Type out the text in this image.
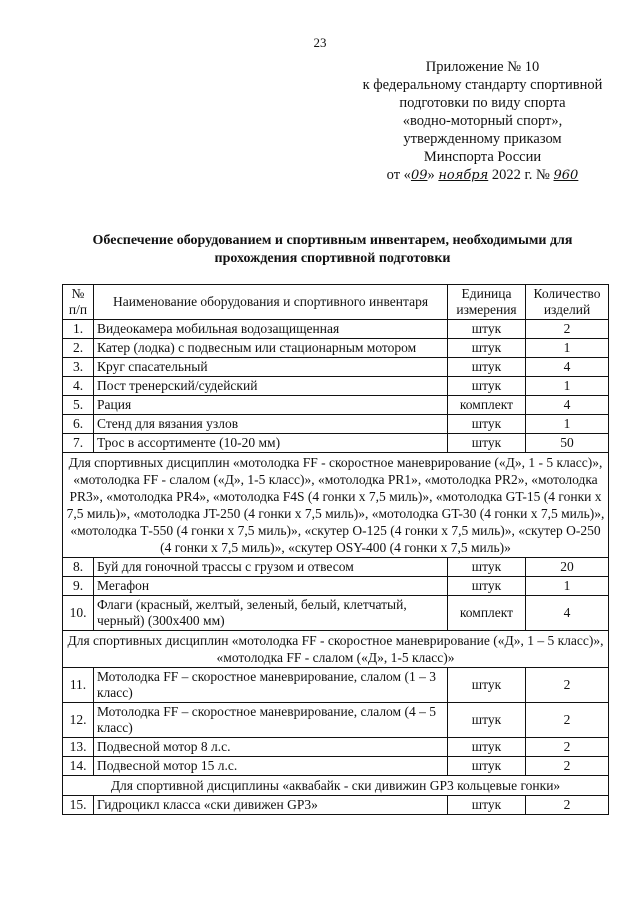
23
Приложение № 10
к федеральному стандарту спортивной
подготовки по виду спорта
«водно-моторный спорт»,
утвержденному приказом
Минспорта России
от «09» ноября 2022 г. № 960
Обеспечение оборудованием и спортивным инвентарем, необходимыми для прохождения спортивной подготовки
№ п/п	Наименование оборудования и спортивного инвентаря	Единица измерения	Количество изделий
1.	Видеокамера мобильная водозащищенная	штук	2
2.	Катер (лодка) с подвесным или стационарным мотором	штук	1
3.	Круг спасательный	штук	4
4.	Пост тренерский/судейский	штук	1
5.	Рация	комплект	4
6.	Стенд для вязания узлов	штук	1
7.	Трос в ассортименте (10-20 мм)	штук	50
Для спортивных дисциплин «мотолодка FF - скоростное маневрирование («Д», 1 - 5 класс)», «мотолодка FF - слалом («Д», 1-5 класс)», «мотолодка PR1», «мотолодка PR2», «мотолодка PR3», «мотолодка PR4», «мотолодка F4S (4 гонки х 7,5 миль)», «мотолодка GT-15 (4 гонки х 7,5 миль)», «мотолодка JT-250 (4 гонки х 7,5 миль)», «мотолодка GT-30 (4 гонки х 7,5 миль)», «мотолодка Т-550 (4 гонки х 7,5 миль)», «скутер О-125 (4 гонки х 7,5 миль)», «скутер О-250 (4 гонки х 7,5 миль)», «скутер OSY-400 (4 гонки х 7,5 миль)»			
8.	Буй для гоночной трассы с грузом и отвесом	штук	20
9.	Мегафон	штук	1
10.	Флаги (красный, желтый, зеленый, белый, клетчатый, черный) (300х400 мм)	комплект	4
Для спортивных дисциплин «мотолодка FF - скоростное маневрирование («Д», 1 – 5 класс)», «мотолодка FF - слалом («Д», 1-5 класс)»			
11.	Мотолодка FF – скоростное маневрирование, слалом (1 – 3 класс)	штук	2
12.	Мотолодка FF – скоростное маневрирование, слалом (4 – 5 класс)	штук	2
13.	Подвесной мотор 8 л.с.	штук	2
14.	Подвесной мотор 15 л.с.	штук	2
Для спортивной дисциплины «аквабайк - ски дивижин GP3 кольцевые гонки»			
15.	Гидроцикл класса «ски дивижен GP3»	штук	2
